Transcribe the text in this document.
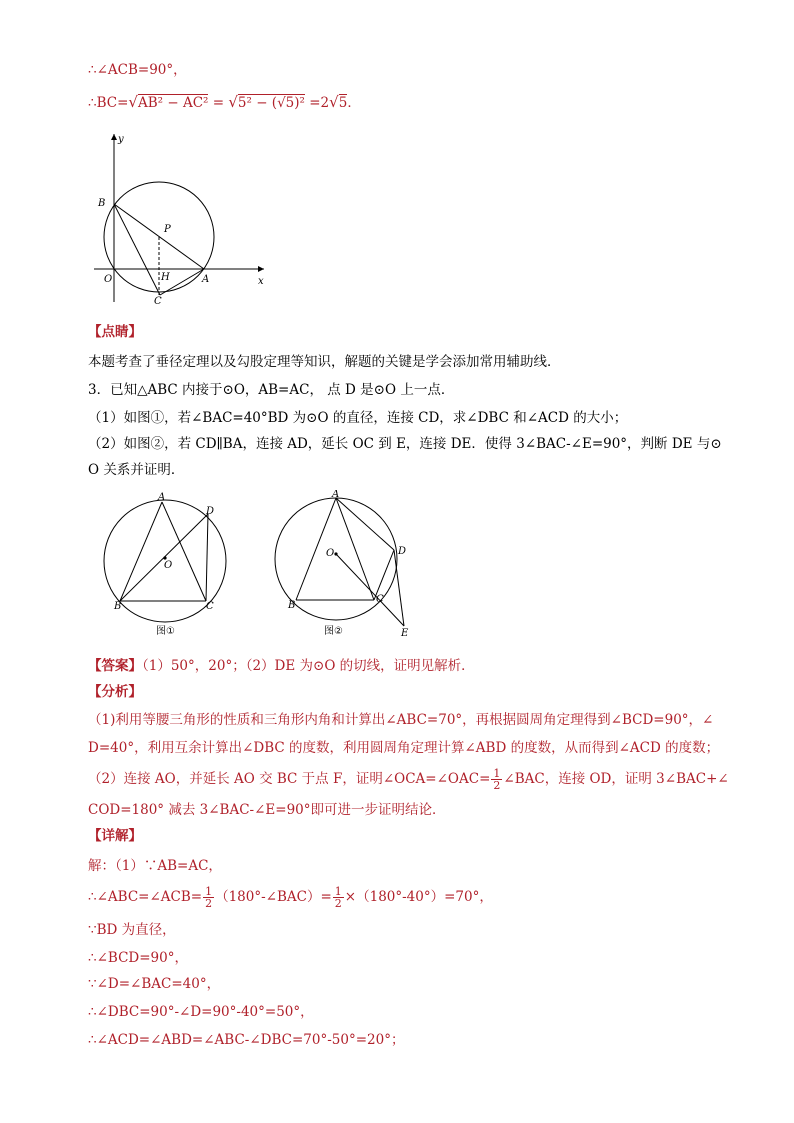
∴∠ACB=90°，
∴BC=√AB² − AC² = √5² − (√5)² =2√5．
y
x
B
P
O	H	A
C
【点睛】
本题考查了垂径定理以及勾股定理等知识，解题的关键是学会添加常用辅助线．
3．已知△ABC 内接于⊙O，AB=AC， 点 D 是⊙O 上一点．
（1）如图①，若∠BAC=40°BD 为⊙O 的直径，连接 CD，求∠DBC 和∠ACD 的大小；
（2）如图②，若 CD∥BA，连接 AD，延长 OC 到 E，连接 DE．使得 3∠BAC-∠E=90°，判断 DE 与⊙
O 关系并证明．
A
D
O
B	C
图①
A
O	D
B
C
E
图②
【答案】（1）50°，20°；（2）DE 为⊙O 的切线，证明见解析．
【分析】
（1)利用等腰三角形的性质和三角形内角和计算出∠ABC=70°，再根据圆周角定理得到∠BCD=90°，∠
D=40°，利用互余计算出∠DBC 的度数，利用圆周角定理计算∠ABD 的度数，从而得到∠ACD 的度数；
（2）连接 AO，并延长 AO 交 BC 于点 F，证明∠OCA=∠OAC= $\frac{1}{2}$ ∠BAC，连接 OD，证明 3∠BAC+∠
COD=180° 减去 3∠BAC-∠E=90°即可进一步证明结论．
【详解】
解：（1）∵AB=AC，
∴∠ABC=∠ACB= $\frac{1}{2}$ （180°-∠BAC）= $\frac{1}{2} \times(180^\circ-40^\circ)=70^\circ$，
∵BD 为直径，
∴∠BCD=90°，
∵∠D=∠BAC=40°，
∴∠DBC=90°-∠D=90°-40°=50°，
∴∠ACD=∠ABD=∠ABC-∠DBC=70°-50°=20°；
